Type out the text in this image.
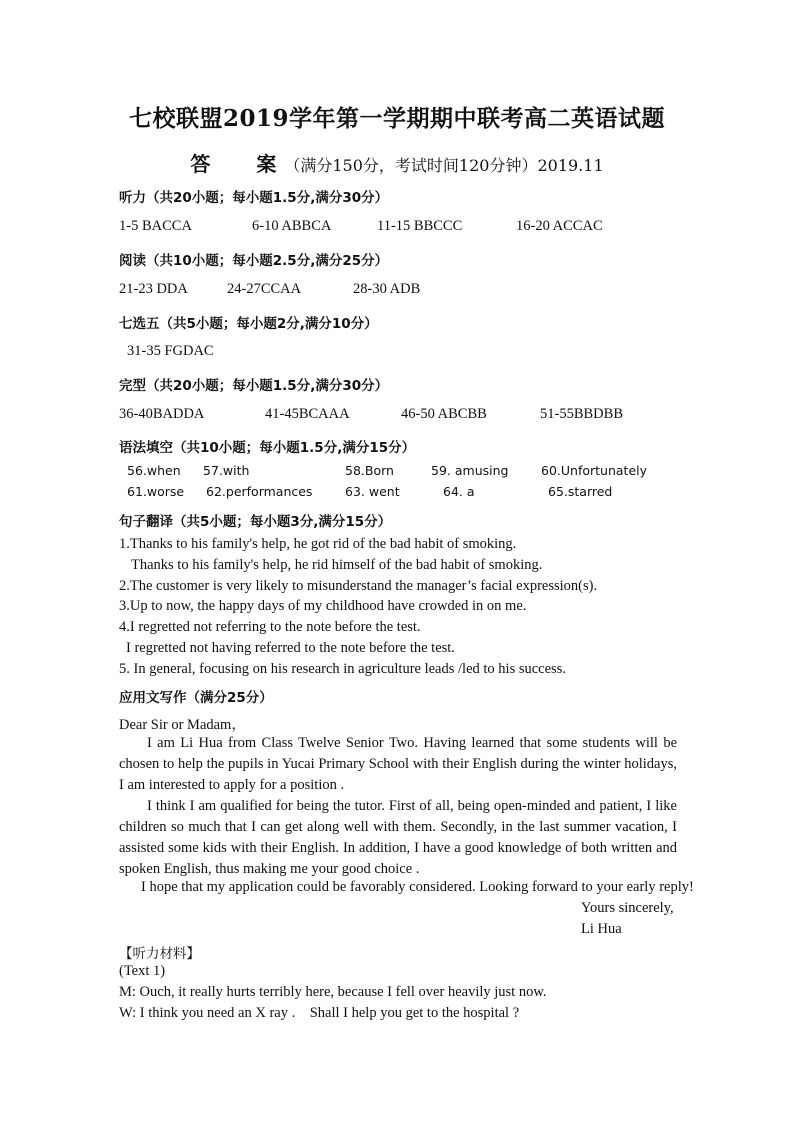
七校联盟2019学年第一学期期中联考高二英语试题
答 案 （满分150分，考试时间120分钟）2019.11
听力（共20小题；每小题1.5分,满分30分）
1-5 BACCA	6-10 ABBCA	11-15 BBCCC	16-20 ACCAC
阅读（共10小题；每小题2.5分,满分25分）
21-23 DDA	24-27CCAA	28-30 ADB
七选五（共5小题；每小题2分,满分10分）
31-35 FGDAC
完型（共20小题；每小题1.5分,满分30分）
36-40BADDA	41-45BCAAA	46-50 ABCBB	51-55BBDBB
语法填空（共10小题；每小题1.5分,满分15分）
56.when 57.with	58.Born	59. amusing	60.Unfortunately
61.worse 62.performances	63. went	64. a	65.starred
句子翻译（共5小题；每小题3分,满分15分）
1.Thanks to his family's help, he got rid of the bad habit of smoking.
Thanks to his family's help, he rid himself of the bad habit of smoking.
2.The customer is very likely to misunderstand the manager’s facial expression(s).
3.Up to now, the happy days of my childhood have crowded in on me.
4.I regretted not referring to the note before the test.
I regretted not having referred to the note before the test.
5. In general, focusing on his research in agriculture leads /led to his success.
应用文写作（满分25分）
Dear Sir or Madam，
I am Li Hua from Class Twelve Senior Two. Having learned that some students will be chosen to help the pupils in Yucai Primary School with their English during the winter holidays, I am interested to apply for a position .
I think I am qualified for being the tutor. First of all, being open-minded and patient, I like children so much that I can get along well with them. Secondly, in the last summer vacation, I assisted some kids with their English. In addition, I have a good knowledge of both written and spoken English, thus making me your good choice .
I hope that my application could be favorably considered. Looking forward to your early reply!
Yours sincerely,
Li Hua
【听力材料】
(Text 1)
M: Ouch, it really hurts terribly here, because I fell over heavily just now.
W: I think you need an X ray .    Shall I help you get to the hospital ?
